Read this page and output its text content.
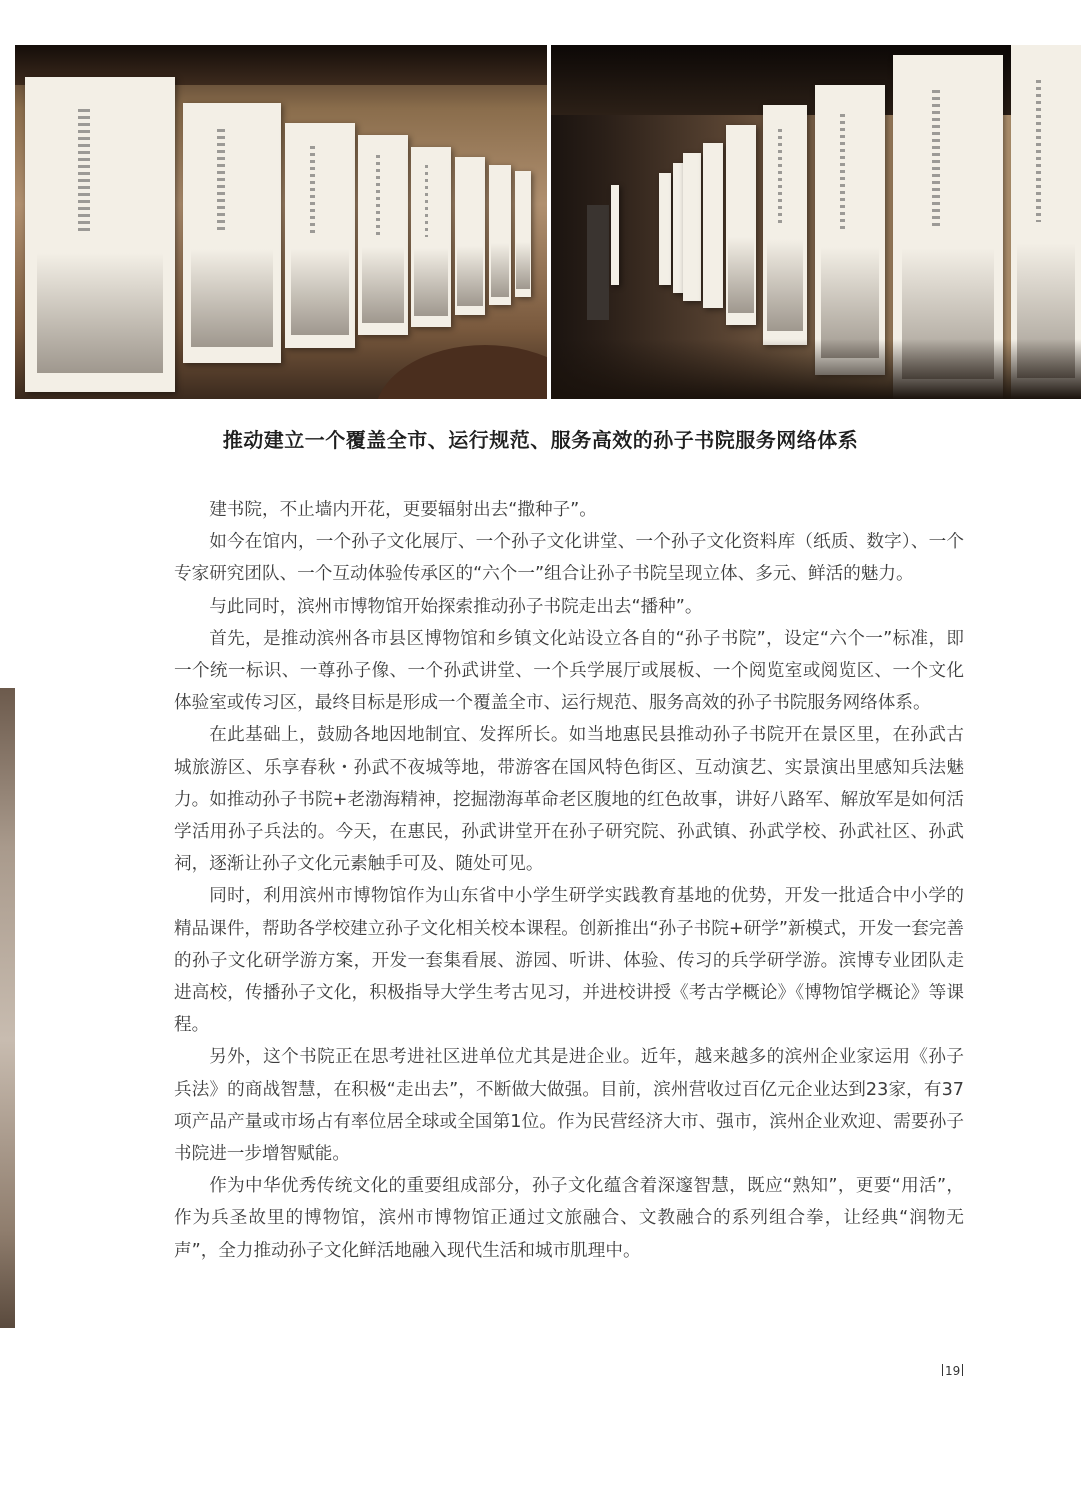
推动建立一个覆盖全市、运行规范、服务高效的孙子书院服务网络体系

建书院，不止墙内开花，更要辐射出去“撒种子”。

如今在馆内，一个孙子文化展厅、一个孙子文化讲堂、一个孙子文化资料库（纸质、数字）、一个专家研究团队、一个互动体验传承区的“六个一”组合让孙子书院呈现立体、多元、鲜活的魅力。

与此同时，滨州市博物馆开始探索推动孙子书院走出去“播种”。

首先，是推动滨州各市县区博物馆和乡镇文化站设立各自的“孙子书院”，设定“六个一”标准，即一个统一标识、一尊孙子像、一个孙武讲堂、一个兵学展厅或展板、一个阅览室或阅览区、一个文化体验室或传习区，最终目标是形成一个覆盖全市、运行规范、服务高效的孙子书院服务网络体系。

在此基础上，鼓励各地因地制宜、发挥所长。如当地惠民县推动孙子书院开在景区里，在孙武古城旅游区、乐享春秋・孙武不夜城等地，带游客在国风特色街区、互动演艺、实景演出里感知兵法魅力。如推动孙子书院+老渤海精神，挖掘渤海革命老区腹地的红色故事，讲好八路军、解放军是如何活学活用孙子兵法的。今天，在惠民，孙武讲堂开在孙子研究院、孙武镇、孙武学校、孙武社区、孙武祠，逐渐让孙子文化元素触手可及、随处可见。

同时，利用滨州市博物馆作为山东省中小学生研学实践教育基地的优势，开发一批适合中小学的精品课件，帮助各学校建立孙子文化相关校本课程。创新推出“孙子书院+研学”新模式，开发一套完善的孙子文化研学游方案，开发一套集看展、游园、听讲、体验、传习的兵学研学游。滨博专业团队走进高校，传播孙子文化，积极指导大学生考古见习，并进校讲授《考古学概论》《博物馆学概论》等课程。

另外，这个书院正在思考进社区进单位尤其是进企业。近年，越来越多的滨州企业家运用《孙子兵法》的商战智慧，在积极“走出去”，不断做大做强。目前，滨州营收过百亿元企业达到23家，有37项产品产量或市场占有率位居全球或全国第1位。作为民营经济大市、强市，滨州企业欢迎、需要孙子书院进一步增智赋能。

作为中华优秀传统文化的重要组成部分，孙子文化蕴含着深邃智慧，既应“熟知”，更要“用活”，作为兵圣故里的博物馆，滨州市博物馆正通过文旅融合、文教融合的系列组合拳，让经典“润物无声”，全力推动孙子文化鲜活地融入现代生活和城市肌理中。

19
